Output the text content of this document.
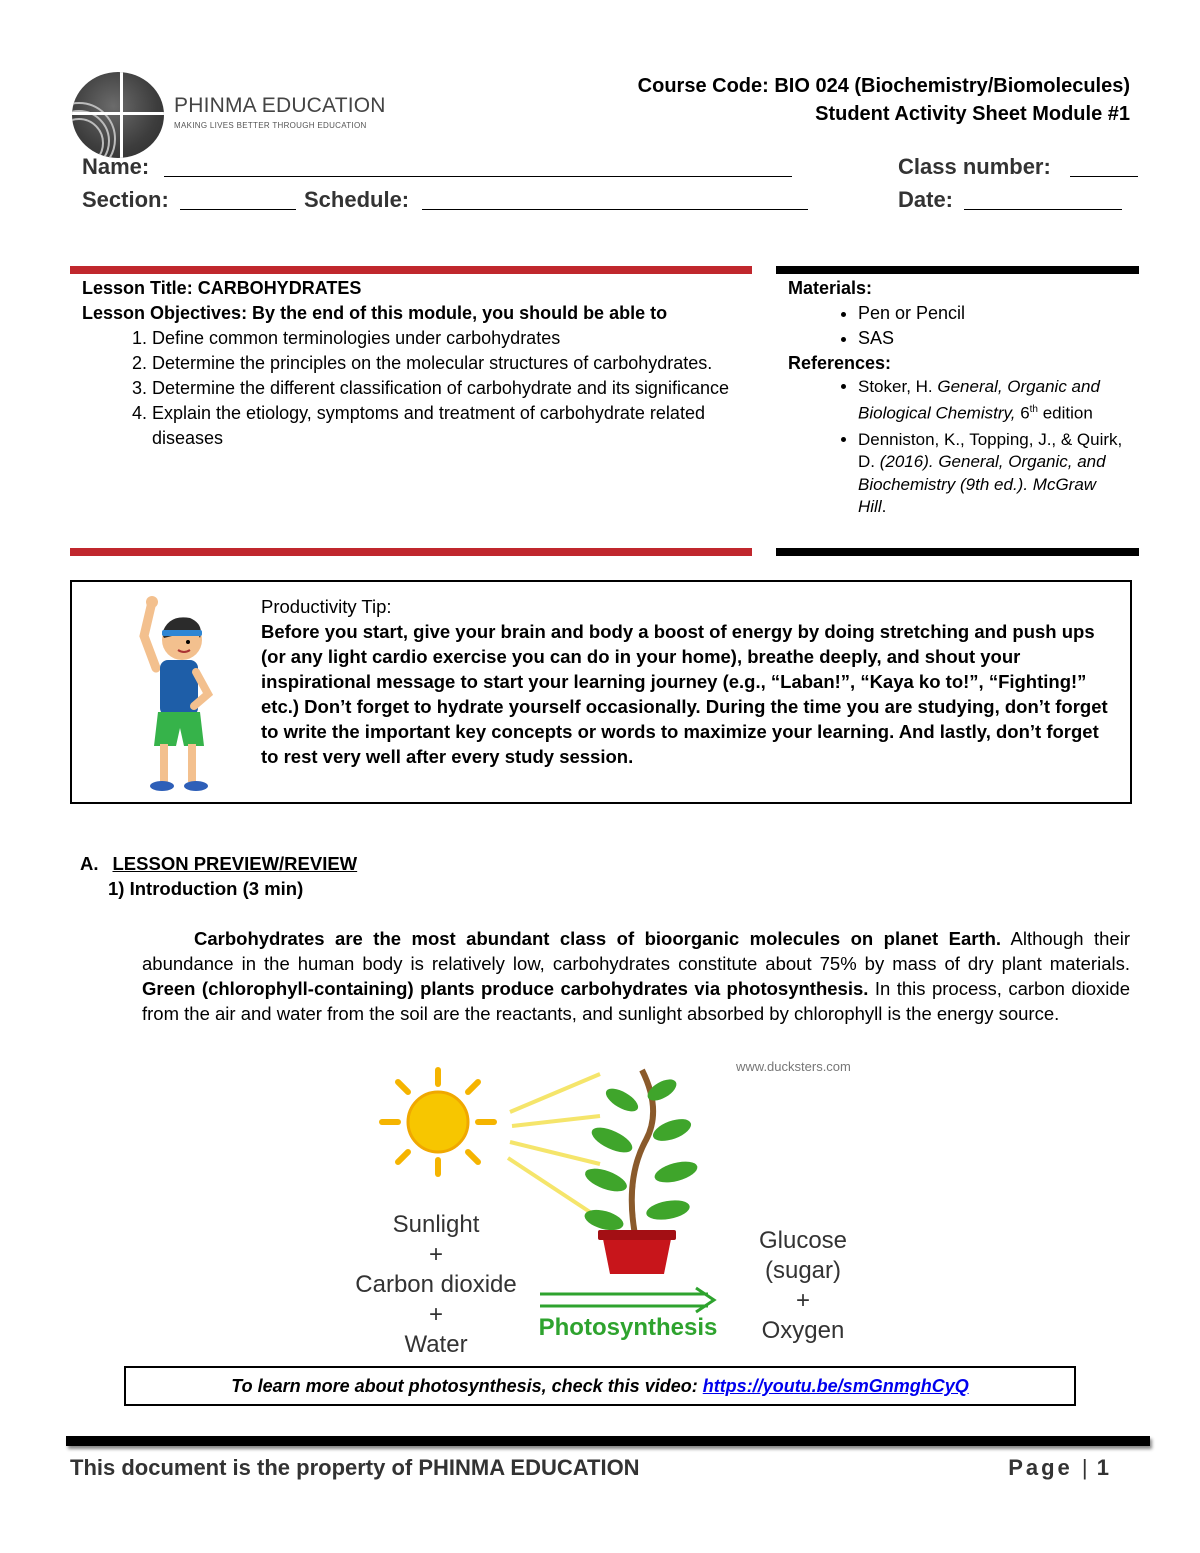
PHINMA EDUCATION
MAKING LIVES BETTER THROUGH EDUCATION
Course Code: BIO 024 (Biochemistry/Biomolecules)
Student Activity Sheet Module #1
Name:	Class number:
Section:	Schedule:	Date:
Lesson Title: CARBOHYDRATES
Lesson Objectives: By the end of this module, you should be able to
1. Define common terminologies under carbohydrates
2. Determine the principles on the molecular structures of carbohydrates.
3. Determine the different classification of carbohydrate and its significance
4. Explain the etiology, symptoms and treatment of carbohydrate related diseases
Materials:
• Pen or Pencil
• SAS
References:
• Stoker, H. General, Organic and Biological Chemistry, 6th edition
• Denniston, K., Topping, J., & Quirk, D. (2016). General, Organic, and Biochemistry (9th ed.). McGraw Hill.
Productivity Tip:
Before you start, give your brain and body a boost of energy by doing stretching and push ups (or any light cardio exercise you can do in your home), breathe deeply, and shout your inspirational message to start your learning journey (e.g., “Laban!”, “Kaya ko to!”, “Fighting!” etc.) Don’t forget to hydrate yourself occasionally. During the time you are studying, don’t forget to write the important key concepts or words to maximize your learning. And lastly, don’t forget to rest very well after every study session.
A. LESSON PREVIEW/REVIEW
1) Introduction (3 min)
Carbohydrates are the most abundant class of bioorganic molecules on planet Earth. Although their abundance in the human body is relatively low, carbohydrates constitute about 75% by mass of dry plant materials. Green (chlorophyll-containing) plants produce carbohydrates via photosynthesis. In this process, carbon dioxide from the air and water from the soil are the reactants, and sunlight absorbed by chlorophyll is the energy source.
www.ducksters.com
Sunlight
+
Carbon dioxide
+
Water
Photosynthesis
Glucose
(sugar)
+
Oxygen
To learn more about photosynthesis, check this video: https://youtu.be/smGnmghCyQ
This document is the property of PHINMA EDUCATION	Page | 1
